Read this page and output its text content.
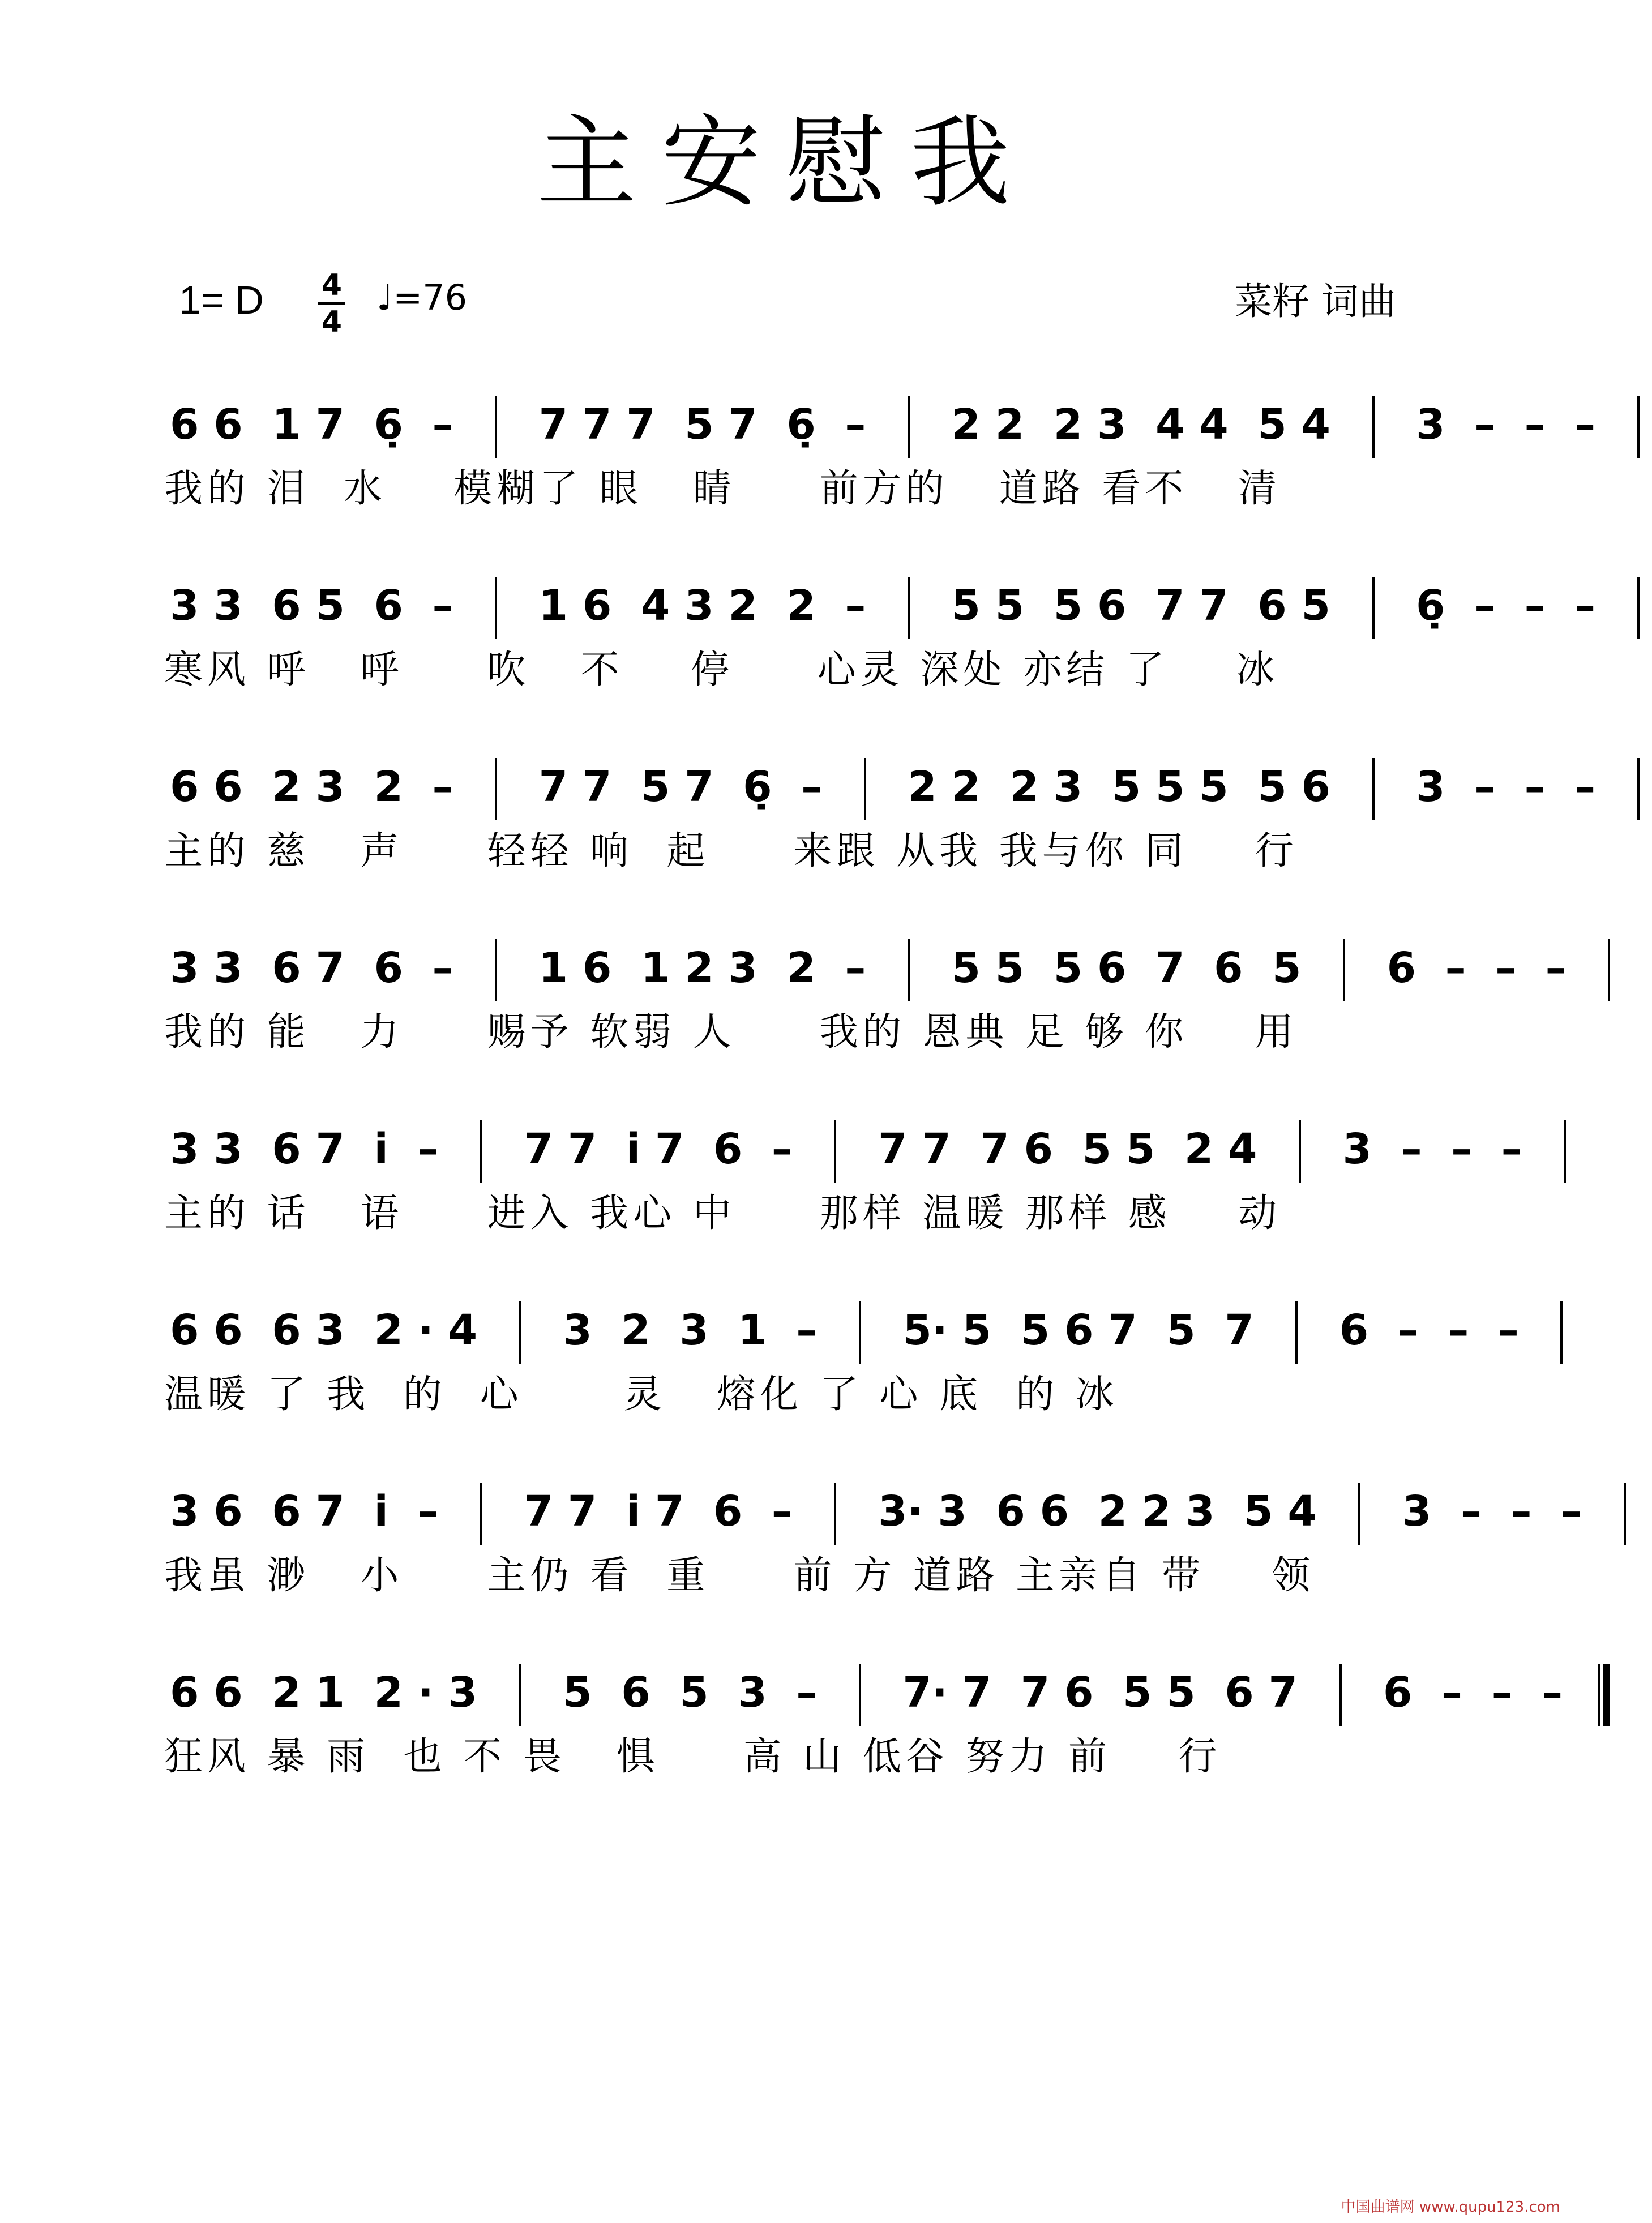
主安慰我
1= D 4
4
♩=76	菜籽 词曲
6 6  1 7  6̣  –    7 7 7  5 7  6̣  –    2 2  2 3  4 4  5 4    3  –  –  –
我的 泪  水    模糊了 眼   睛     前方的   道路 看不   清
3 3  6 5  6  –    1 6  4 3 2  2  –    5 5  5 6  7 7  6 5    6̣  –  –  –
寒风 呼   呼     吹   不    停     心灵 深处 亦结 了    冰
6 6  2 3  2  –    7 7  5 7  6̣  –    2 2  2 3  5 5 5  5 6    3  –  –  –
主的 慈   声     轻轻 响  起     来跟 从我 我与你 同    行
3 3  6 7  6  –    1 6  1 2 3  2  –    5 5  5 6  7  6  5    6  –  –  –
我的 能   力     赐予 软弱 人     我的 恩典 足 够 你    用
3 3  6 7  i  –    7 7  i 7  6  –    7 7  7 6  5 5  2 4    3  –  –  –
主的 话   语     进入 我心 中     那样 温暖 那样 感    动
6 6  6 3  2 · 4    3  2  3  1  –    5· 5  5 6 7  5  7    6  –  –  –
温暖 了 我  的  心      灵   熔化 了 心 底  的 冰
3 6  6 7  i  –    7 7  i 7  6  –    3· 3  6 6  2 2 3  5 4    3  –  –  –
我虽 渺   小     主仍 看  重     前 方 道路 主亲自 带    领
6 6  2 1  2 · 3    5  6  5  3  –    7· 7  7 6  5 5  6 7    6  –  –  –
狂风 暴 雨  也 不 畏   惧     高 山 低谷 努力 前    行
中国曲谱网 www.qupu123.com
